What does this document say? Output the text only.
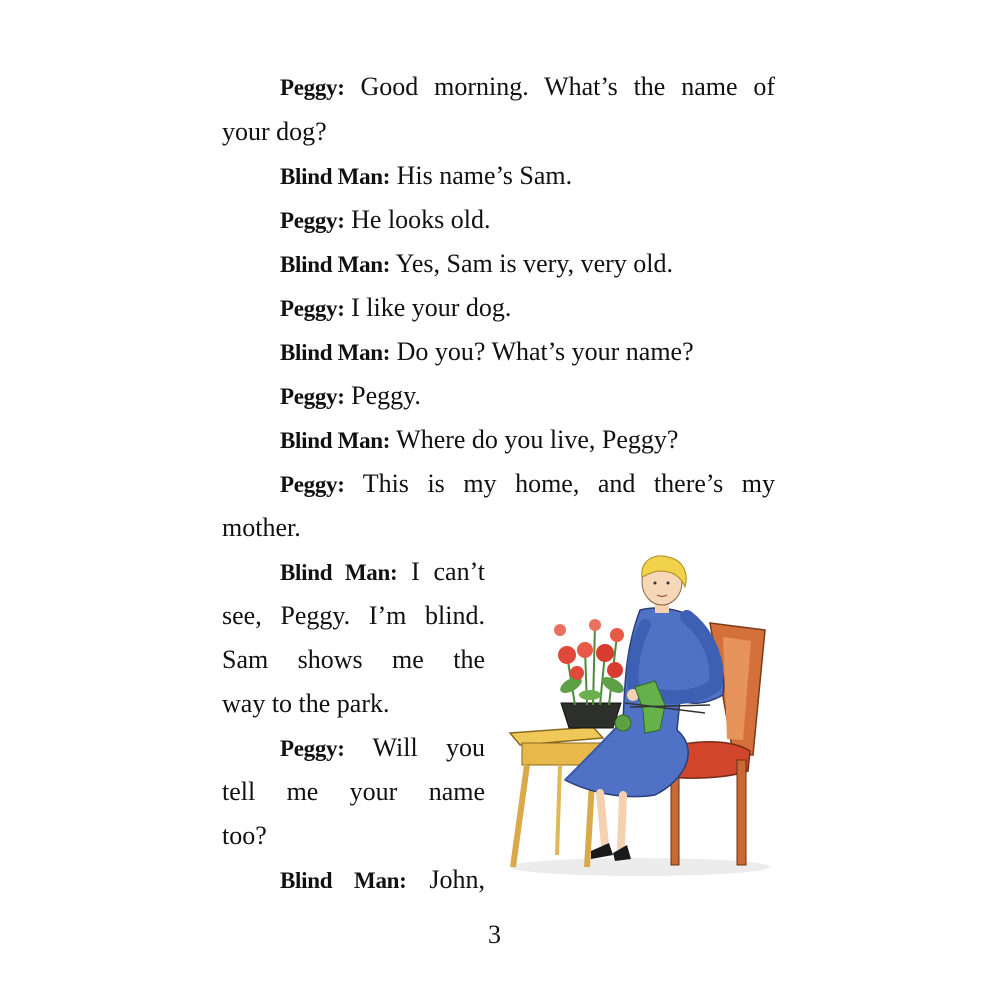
Peggy: Good morning. What’s the name of
your dog?
Blind Man: His name’s Sam.
Peggy: He looks old.
Blind Man: Yes, Sam is very, very old.
Peggy: I like your dog.
Blind Man: Do you? What’s your name?
Peggy: Peggy.
Blind Man: Where do you live, Peggy?
Peggy: This is my home, and there’s my
mother.
Blind Man: I can’t
see, Peggy. I’m blind.
Sam shows me the
way to the park.
Peggy: Will you
tell me your name
too?
Blind Man: John,
3
